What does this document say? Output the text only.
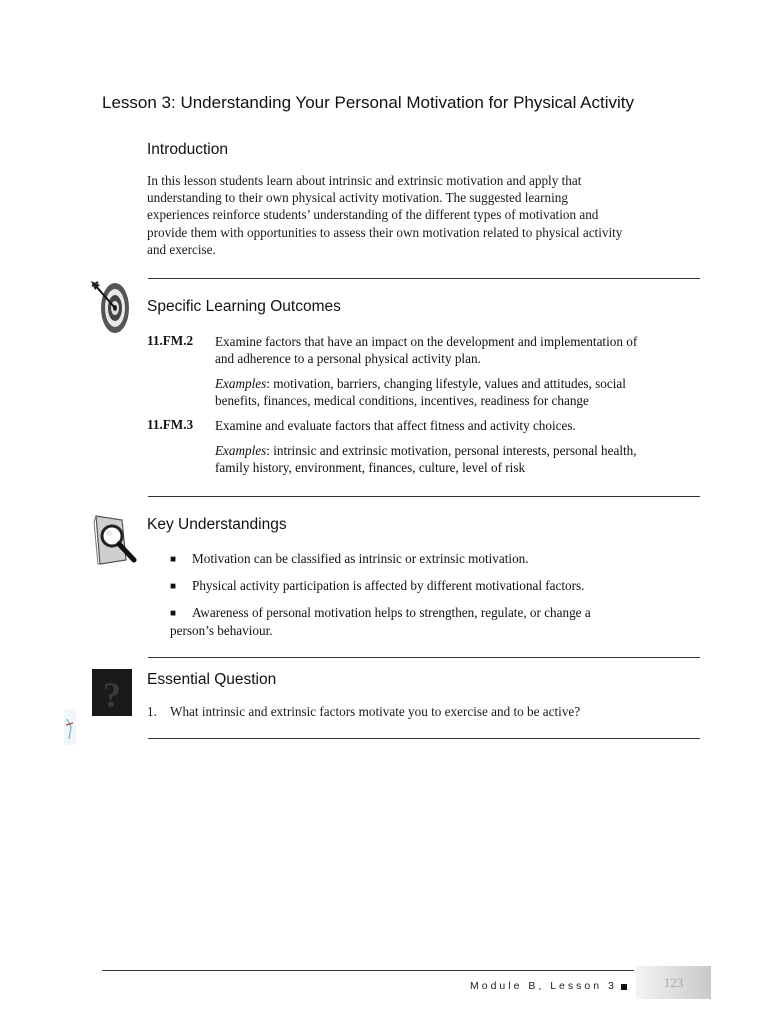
Lesson 3: Understanding Your Personal Motivation for Physical Activity
Introduction
In this lesson students learn about intrinsic and extrinsic motivation and apply that
understanding to their own physical activity motivation. The suggested learning
experiences reinforce students’ understanding of the different types of motivation and
provide them with opportunities to assess their own motivation related to physical activity
and exercise.
Specific Learning Outcomes
11.FM.2 Examine factors that have an impact on the development and implementation of
and adherence to a personal physical activity plan.
Examples: motivation, barriers, changing lifestyle, values and attitudes, social
benefits, finances, medical conditions, incentives, readiness for change
11.FM.3 Examine and evaluate factors that affect fitness and activity choices.
Examples: intrinsic and extrinsic motivation, personal interests, personal health,
family history, environment, finances, culture, level of risk
Key Understandings
■ Motivation can be classified as intrinsic or extrinsic motivation.
■ Physical activity participation is affected by different motivational factors.
■ Awareness of personal motivation helps to strengthen, regulate, or change a
person’s behaviour.
? Essential Question
1. What intrinsic and extrinsic factors motivate you to exercise and to be active?
Module B, Lesson 3	123
